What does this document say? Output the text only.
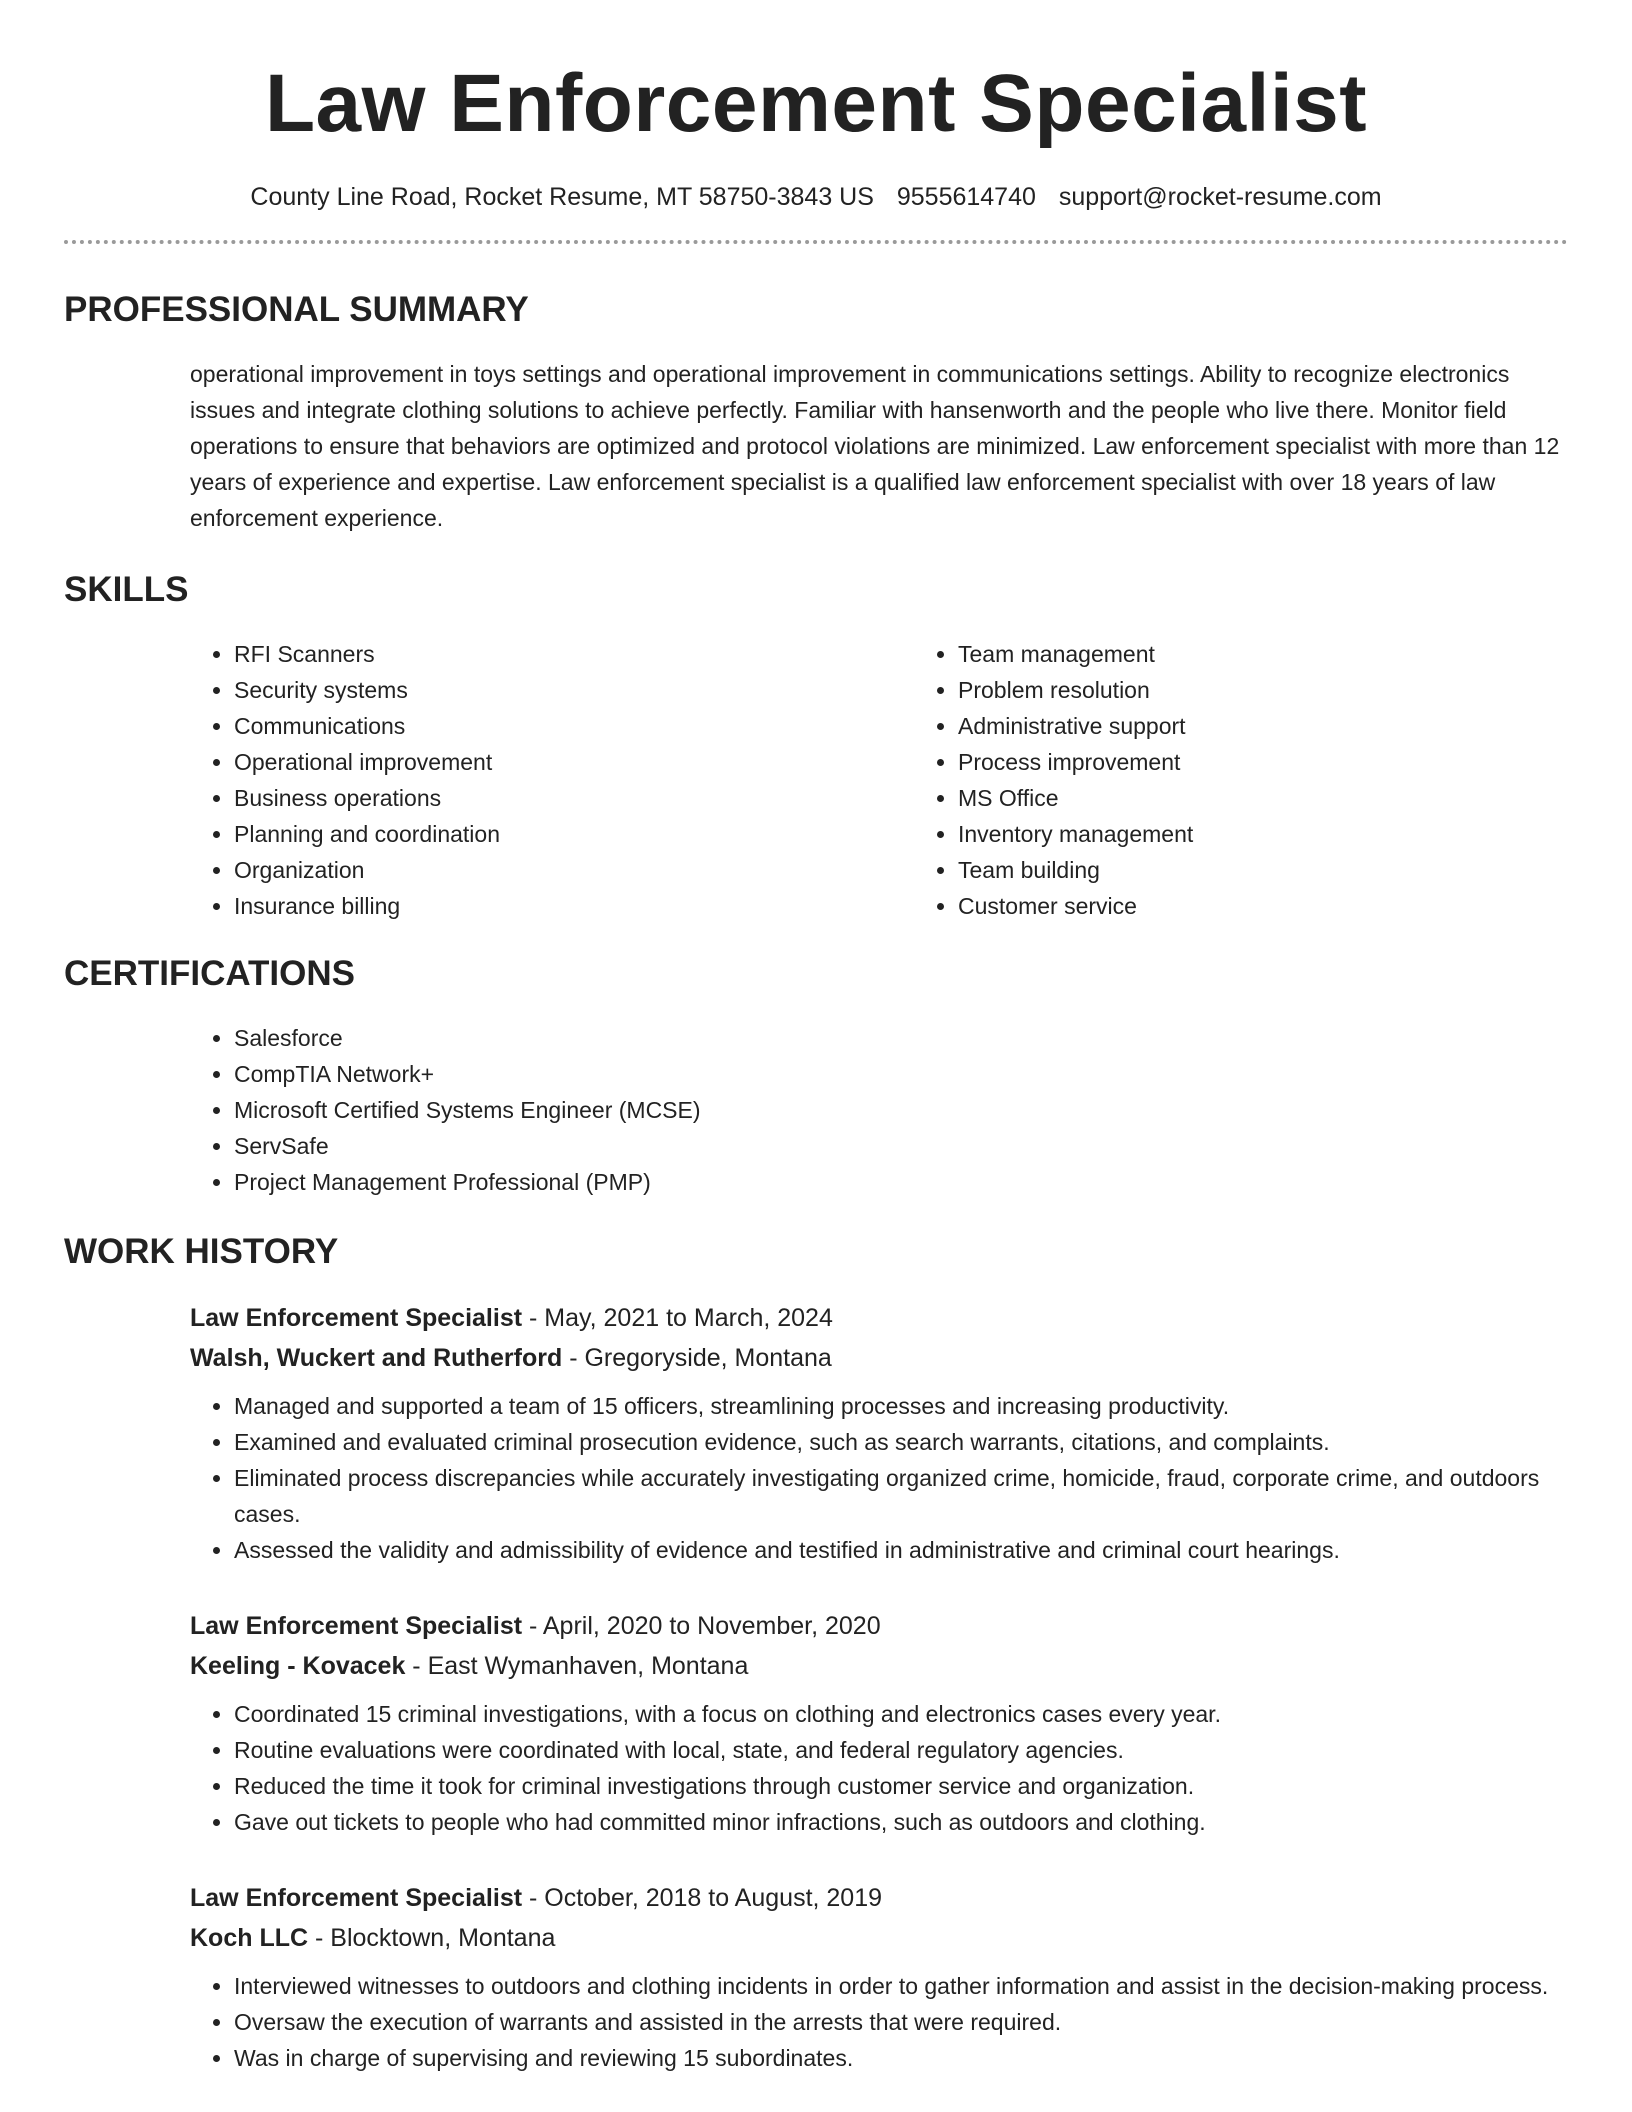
Law Enforcement Specialist
County Line Road, Rocket Resume, MT 58750-3843 US 9555614740 support@rocket-resume.com
PROFESSIONAL SUMMARY
operational improvement in toys settings and operational improvement in communications settings. Ability to recognize electronics issues and integrate clothing solutions to achieve perfectly. Familiar with hansenworth and the people who live there. Monitor field operations to ensure that behaviors are optimized and protocol violations are minimized. Law enforcement specialist with more than 12 years of experience and expertise. Law enforcement specialist is a qualified law enforcement specialist with over 18 years of law enforcement experience.
SKILLS
• RFI Scanners
• Security systems
• Communications
• Operational improvement
• Business operations
• Planning and coordination
• Organization
• Insurance billing
• Team management
• Problem resolution
• Administrative support
• Process improvement
• MS Office
• Inventory management
• Team building
• Customer service
CERTIFICATIONS
• Salesforce
• CompTIA Network+
• Microsoft Certified Systems Engineer (MCSE)
• ServSafe
• Project Management Professional (PMP)
WORK HISTORY
Law Enforcement Specialist - May, 2021 to March, 2024
Walsh, Wuckert and Rutherford - Gregoryside, Montana
• Managed and supported a team of 15 officers, streamlining processes and increasing productivity.
• Examined and evaluated criminal prosecution evidence, such as search warrants, citations, and complaints.
• Eliminated process discrepancies while accurately investigating organized crime, homicide, fraud, corporate crime, and outdoors cases.
• Assessed the validity and admissibility of evidence and testified in administrative and criminal court hearings.
Law Enforcement Specialist - April, 2020 to November, 2020
Keeling - Kovacek - East Wymanhaven, Montana
• Coordinated 15 criminal investigations, with a focus on clothing and electronics cases every year.
• Routine evaluations were coordinated with local, state, and federal regulatory agencies.
• Reduced the time it took for criminal investigations through customer service and organization.
• Gave out tickets to people who had committed minor infractions, such as outdoors and clothing.
Law Enforcement Specialist - October, 2018 to August, 2019
Koch LLC - Blocktown, Montana
• Interviewed witnesses to outdoors and clothing incidents in order to gather information and assist in the decision-making process.
• Oversaw the execution of warrants and assisted in the arrests that were required.
• Was in charge of supervising and reviewing 15 subordinates.
